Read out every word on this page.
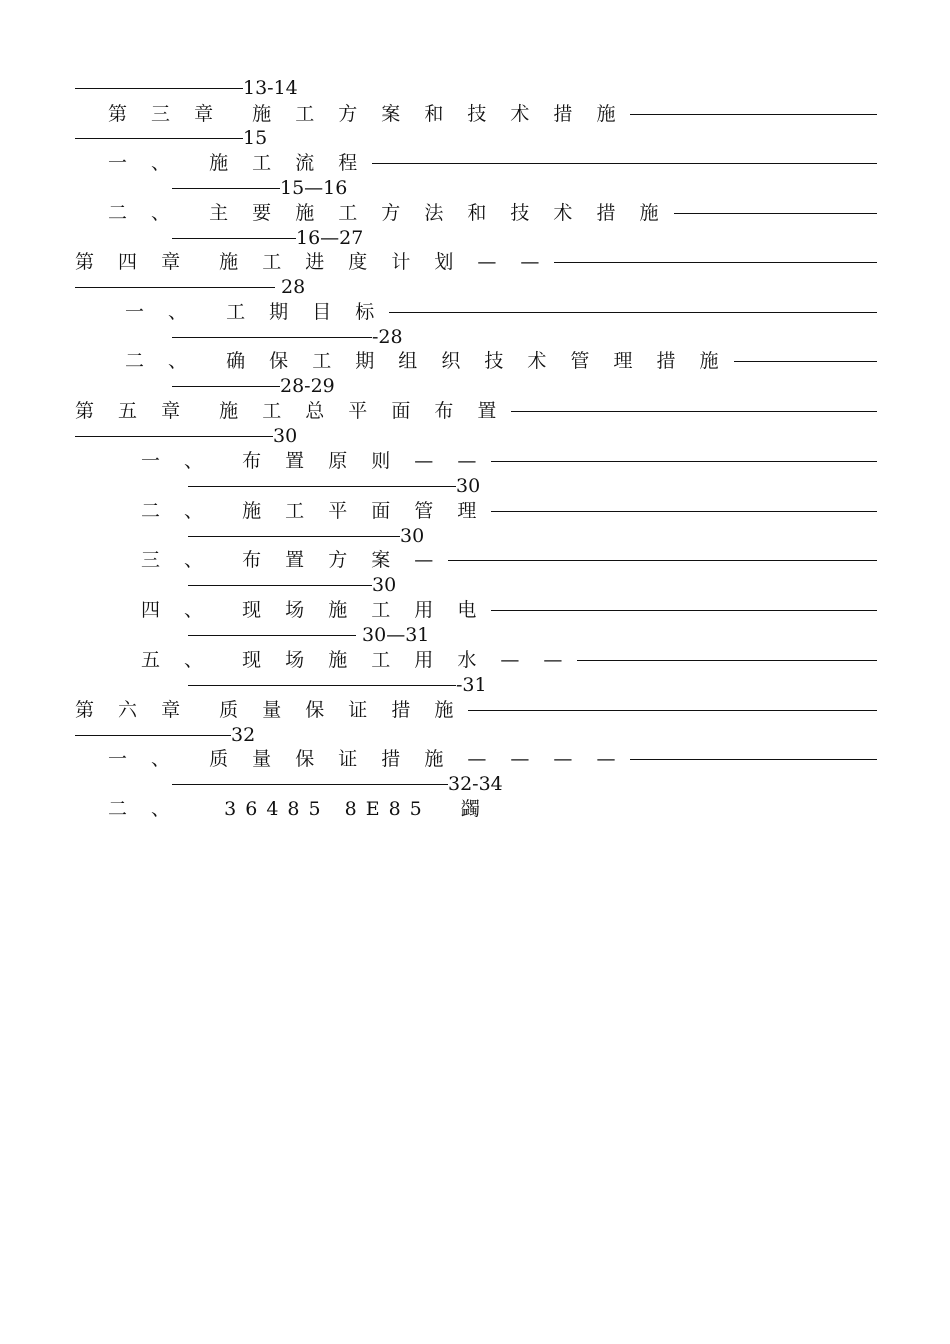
13-14
第 三 章  施 工 方 案 和 技 术 措 施
15
一 、  施 工 流 程
15—16
二 、  主 要 施 工 方 法 和 技 术 措 施
16—27
第 四 章  施 工 进 度 计 划 — —
28
一 、  工 期 目 标
-28
二 、  确 保 工 期 组 织 技 术 管 理 措 施
28-29
第 五 章  施 工 总 平 面 布 置
30
一 、  布 置 原 则 — —
30
二 、  施 工 平 面 管 理
30
三 、  布 置 方 案 —
30
四 、  现 场 施 工 用 电
30—31
五 、  现 场 施 工 用 水 — —
-31
第 六 章  质 量 保 证 措 施
32
一 、  质 量 保 证 措 施 — — — —
32-34
二 、   36485 8E85  蠲
